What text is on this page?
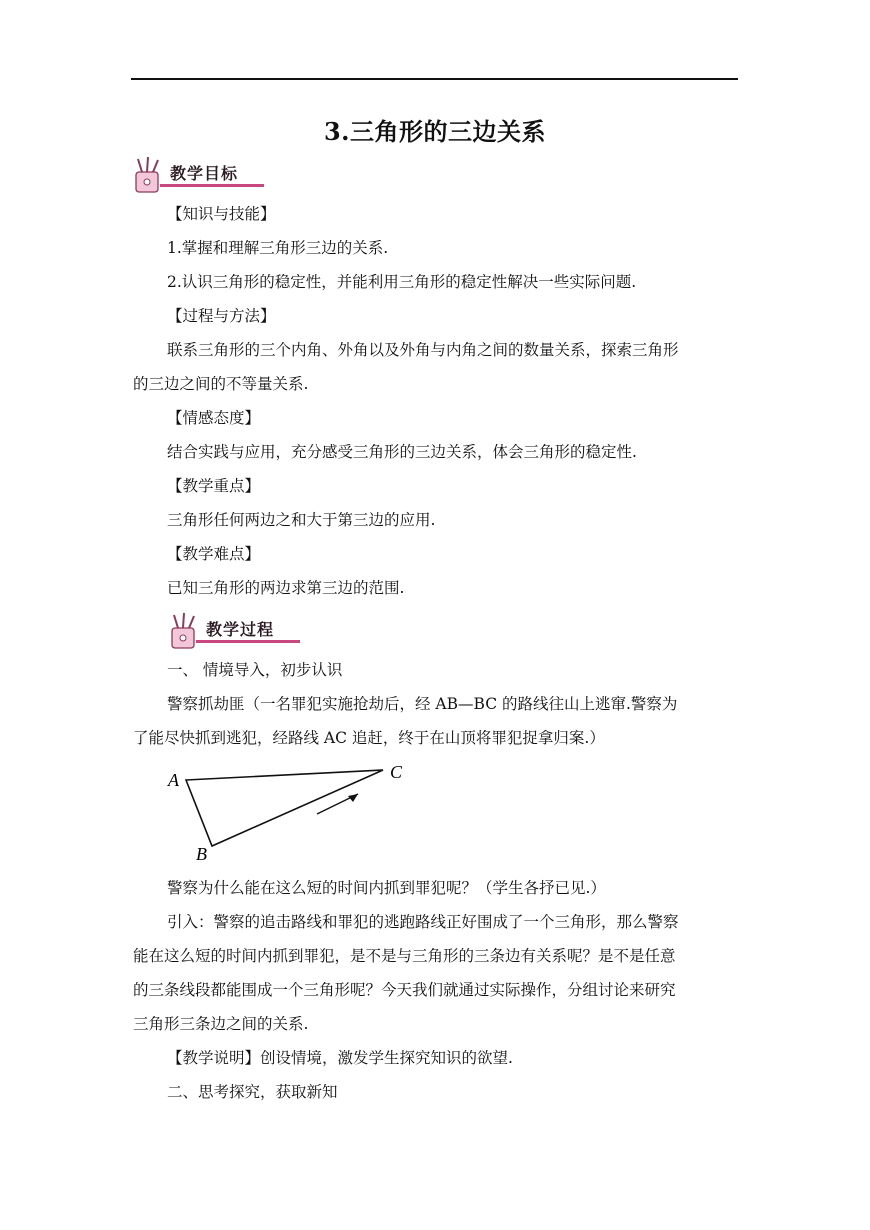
3.三角形的三边关系
教学目标
【知识与技能】
1.掌握和理解三角形三边的关系.
2.认识三角形的稳定性，并能利用三角形的稳定性解决一些实际问题.
【过程与方法】
联系三角形的三个内角、外角以及外角与内角之间的数量关系，探索三角形
的三边之间的不等量关系.
【情感态度】
结合实践与应用，充分感受三角形的三边关系，体会三角形的稳定性.
【教学重点】
三角形任何两边之和大于第三边的应用.
【教学难点】
已知三角形的两边求第三边的范围.
教学过程
一、 情境导入，初步认识
警察抓劫匪（一名罪犯实施抢劫后，经 AB—BC 的路线往山上逃窜.警察为
了能尽快抓到逃犯，经路线 AC 追赶，终于在山顶将罪犯捉拿归案.）
A
B
C
警察为什么能在这么短的时间内抓到罪犯呢？（学生各抒已见.）
引入：警察的追击路线和罪犯的逃跑路线正好围成了一个三角形，那么警察
能在这么短的时间内抓到罪犯，是不是与三角形的三条边有关系呢？是不是任意
的三条线段都能围成一个三角形呢？今天我们就通过实际操作，分组讨论来研究
三角形三条边之间的关系.
【教学说明】创设情境，激发学生探究知识的欲望.
二、思考探究，获取新知
